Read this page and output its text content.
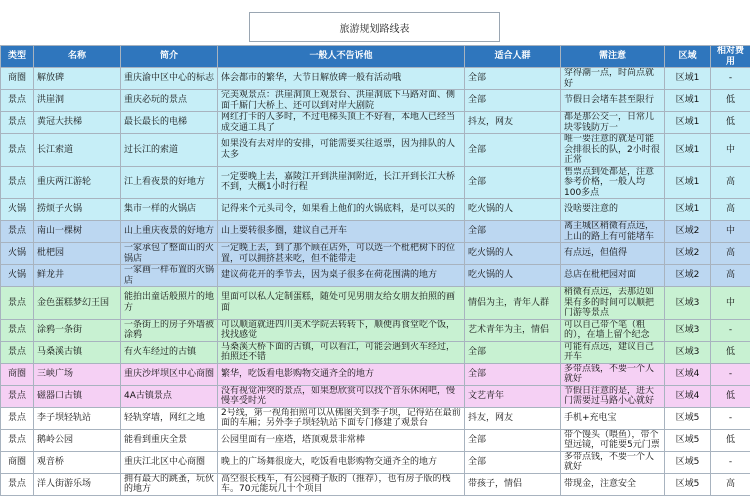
旅游规划路线表
类型	名称	简介	一般人不告诉他	适合人群	需注意	区域	相对费用
商圈	解放碑	重庆渝中区中心的标志	体会都市的繁华，大节日解放碑一般有活动哦	全部	穿得潮一点，时尚点就好	区域1	-
景点	洪崖洞	重庆必玩的景点	完美观景点：洪崖洞顶上观景台、洪崖洞底下马路对面、侧面千厮门大桥上、还可以到对岸大剧院	全部	节假日会堵车甚至限行	区域1	低
景点	黄冠大扶梯	最长最长的电梯	网红打卡的人多时，不过电梯头顶上不好看，本地人已经当成交通工具了	抖友，网友	都是那公交一，日常几块零钱防万一	区域1	低
景点	长江索道	过长江的索道	如果没有去对岸的安排，可能需要买往返票，因为排队的人太多	全部	唯一要注意的就是可能会排很长的队，2小时很正常	区域1	中
景点	重庆两江游轮	江上看夜景的好地方	一定要晚上去，嘉陵江开到洪崖洞附近，长江开到长江大桥不到，大概1小时行程	全部	售票点到处都是，注意参考价格，一般人均100多点	区域1	高
火锅	捞烦子火锅	集市一样的火锅店	记得来个元头司令，如果看上他们的火锅底料，是可以买的	吃火锅的人	没啥要注意的	区域1	高
景点	南山一棵树	山上重庆夜景的好地方	山上要转很多圈，建议自己开车	全部	离主城区稍微有点远，上山的路上有可能堵车	区域2	中
火锅	枇杷园	一家承包了整面山的火锅店	一定晚上去，到了那个顾在店外，可以选一个枇杷树下的位置，可以拥挤甚来吃，但不能带走	吃火锅的人	有点远，但值得	区域2	高
火锅	鲜龙井	一家画一样布置的火锅店	建议荷花开的季节去，因为桌子很多在荷花围满的地方	吃火锅的人	总店在枇杷园对面	区域2	高
景点	金色蛋糕梦幻王国	能拍出童话般照片的地方	里面可以私人定制蛋糕，随处可见男朋友给女朋友拍照的画面	情侣为主，青年人群	稍微有点远，去那边如果有多的时间可以顺把门游等景点	区域3	中
景点	涂鸦一条街	一条街上的房子外墙被涂鸦	可以顺道就进四川美术学院去转转下，顺便再食堂吃个饭，找找感觉	艺术青年为主，情侣	可以自己带个笔（粗的），在墙上留个纪念	区域3	-
景点	马桑溪古镇	有火车经过的古镇	马桑溪大桥下面的古镇，可以看江，可能会遇到火车经过，拍照还不错	全部	可能有点远，建议自己开车	区域3	低
商圈	三峡广场	重庆沙坪坝区中心商圈	繁华，吃饭看电影购物交通齐全的地方	全部	多带点钱，不要一个人就好	区域4	-
景点	磁器口古镇	4A古镇景点	没有视觉冲突的景点，如果想欣赏可以找个音乐休闲吧，慢慢享受时光	文艺青年	节假日注意的是，进大门需要过马路小心就好	区域4	低
景点	李子坝轻轨站	轻轨穿墙，网红之地	2号线，第一视角拍照可以从佛图关到李子坝，记得站在最前面的车厢；另外李子坝轻轨站下面专门修建了观景台	抖友，网友	手机+充电宝	区域5	-
景点	鹅岭公园	能看到重庆全景	公园里面有一座塔，塔顶观景非常棒	全部	带个馒头（喂鱼），带个望远镜，可能要5元门票	区域5	低
商圈	观音桥	重庆江北区中心商圈	晚上的广场舞很庞大，吃饭看电影购物交通齐全的地方	全部	多带点钱，不要一个人就好	区域5	-
景点	洋人街游乐场	拥有最大的跳蚤，玩伙的地方	高空很长栈车，有公园椅子版的（推荐），也有房子版的栈车。70元能玩几十个项目	带孩子，情侣	带现金，注意安全	区域5	高
